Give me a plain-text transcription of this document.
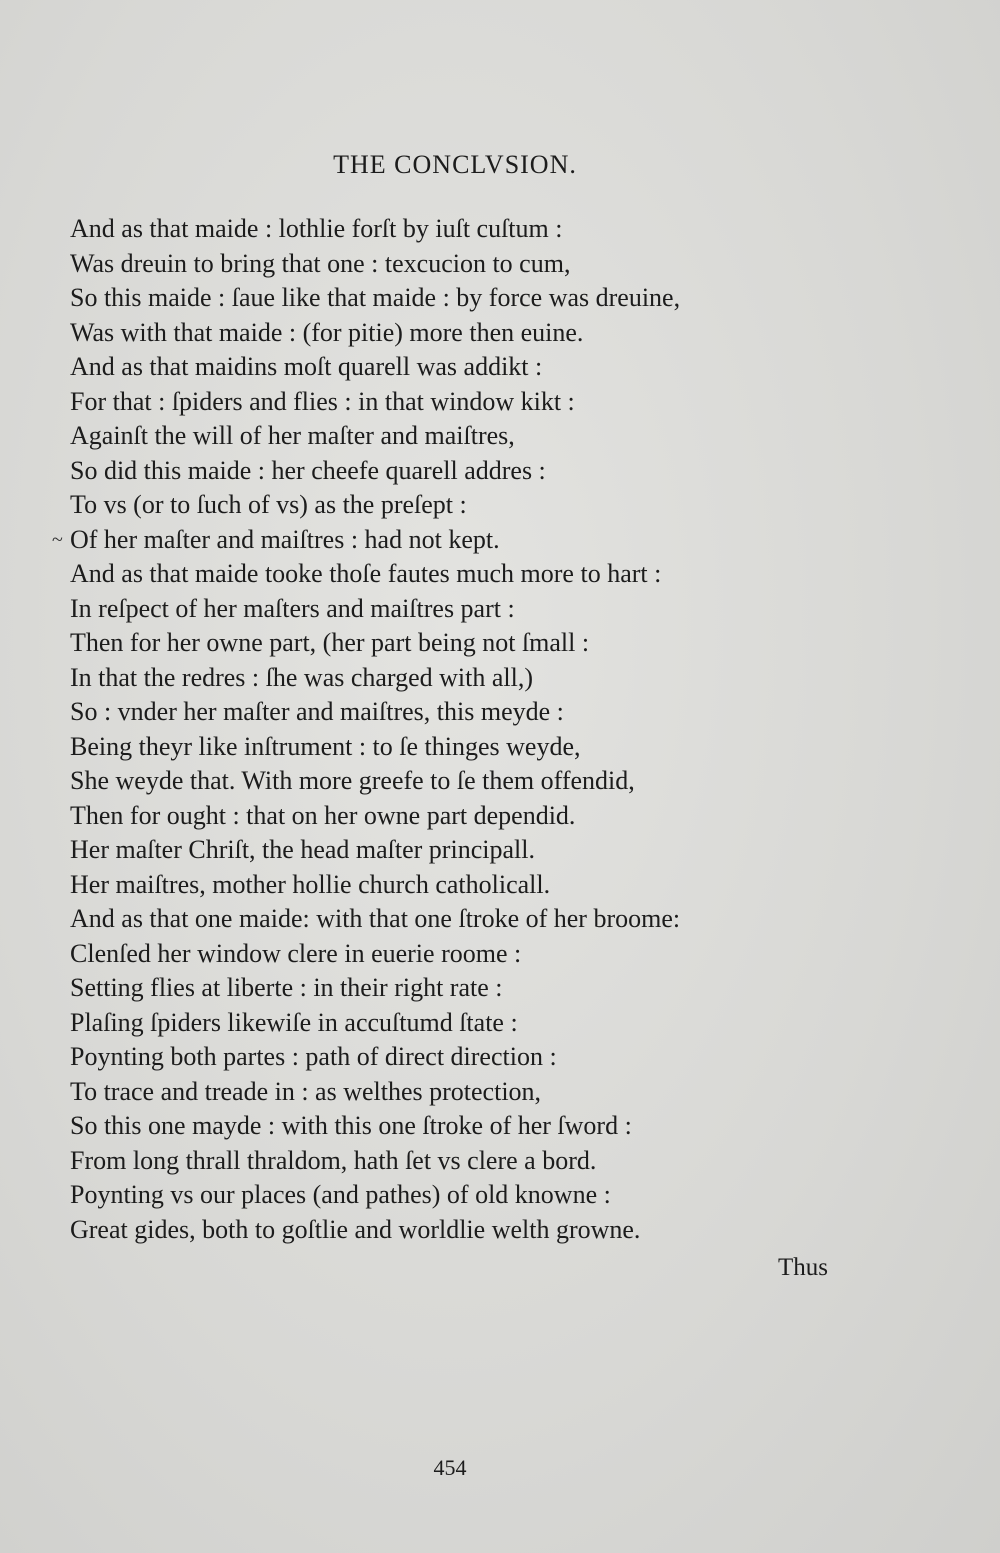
THE CONCLVSION.
And as that maide : lothlie forſt by iuſt cuſtum :
Was dreuin to bring that one : texcucion to cum,
So this maide : ſaue like that maide : by force was dreuine,
Was with that maide : (for pitie) more then euine.
And as that maidins moſt quarell was addikt :
For that : ſpiders and flies : in that window kikt :
Againſt the will of her maſter and maiſtres,
So did this maide : her cheefe quarell addres :
To vs (or to ſuch of vs) as the preſept :
~ Of her maſter and maiſtres : had not kept.
And as that maide tooke thoſe fautes much more to hart :
In reſpect of her maſters and maiſtres part :
Then for her owne part, (her part being not ſmall :
In that the redres : ſhe was charged with all,)
So : vnder her maſter and maiſtres, this meyde :
Being theyr like inſtrument : to ſe thinges weyde,
She weyde that. With more greefe to ſe them offendid,
Then for ought : that on her owne part dependid.
Her maſter Chriſt, the head maſter principall.
Her maiſtres, mother hollie church catholicall.
And as that one maide: with that one ſtroke of her broome:
Clenſed her window clere in euerie roome :
Setting flies at liberte : in their right rate :
Plaſing ſpiders likewiſe in accuſtumd ſtate :
Poynting both partes : path of direct direction :
To trace and treade in : as welthes protection,
So this one mayde : with this one ſtroke of her ſword :
From long thrall thraldom, hath ſet vs clere a bord.
Poynting vs our places (and pathes) of old knowne :
Great gides, both to goſtlie and worldlie welth growne.
Thus
454
